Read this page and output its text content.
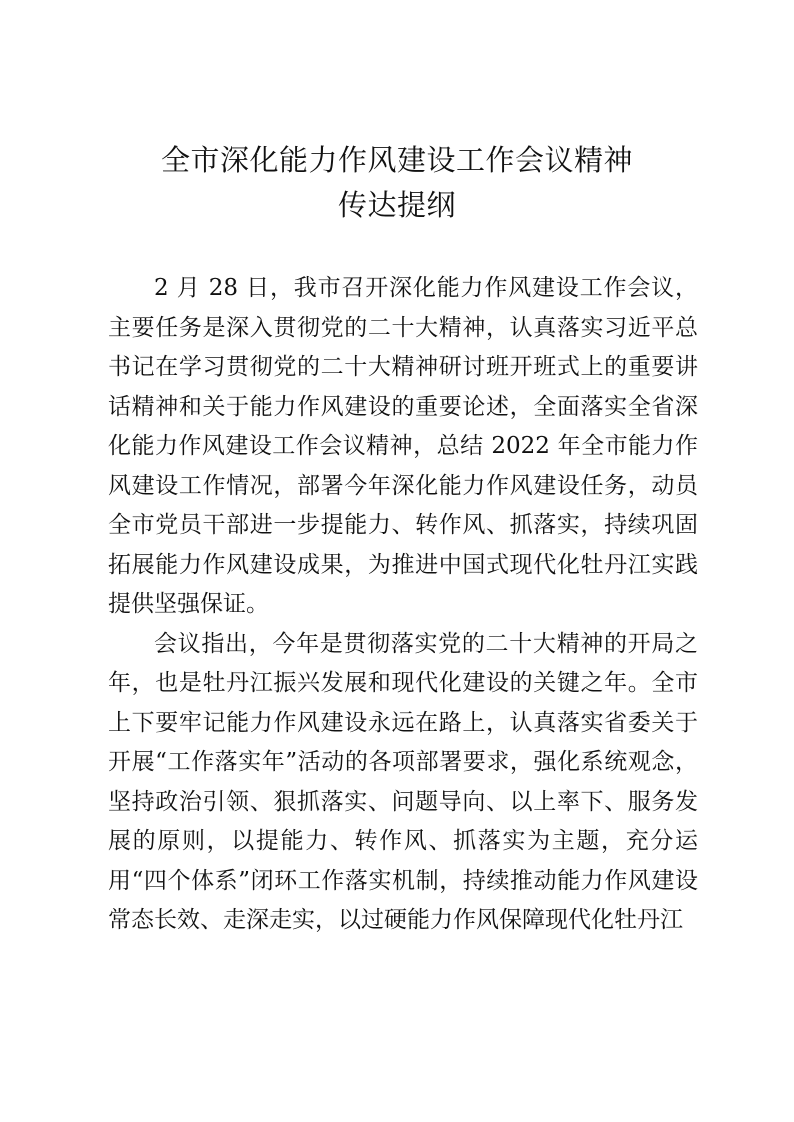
全市深化能力作风建设工作会议精神
传达提纲

2 月 28 日，我市召开深化能力作风建设工作会议，主要任务是深入贯彻党的二十大精神，认真落实习近平总书记在学习贯彻党的二十大精神研讨班开班式上的重要讲话精神和关于能力作风建设的重要论述，全面落实全省深化能力作风建设工作会议精神，总结 2022 年全市能力作风建设工作情况，部署今年深化能力作风建设任务，动员全市党员干部进一步提能力、转作风、抓落实，持续巩固拓展能力作风建设成果，为推进中国式现代化牡丹江实践提供坚强保证。

会议指出，今年是贯彻落实党的二十大精神的开局之年，也是牡丹江振兴发展和现代化建设的关键之年。全市上下要牢记能力作风建设永远在路上，认真落实省委关于开展“工作落实年”活动的各项部署要求，强化系统观念，坚持政治引领、狠抓落实、问题导向、以上率下、服务发展的原则，以提能力、转作风、抓落实为主题，充分运用“四个体系”闭环工作落实机制，持续推动能力作风建设常态长效、走深走实，以过硬能力作风保障现代化牡丹江
